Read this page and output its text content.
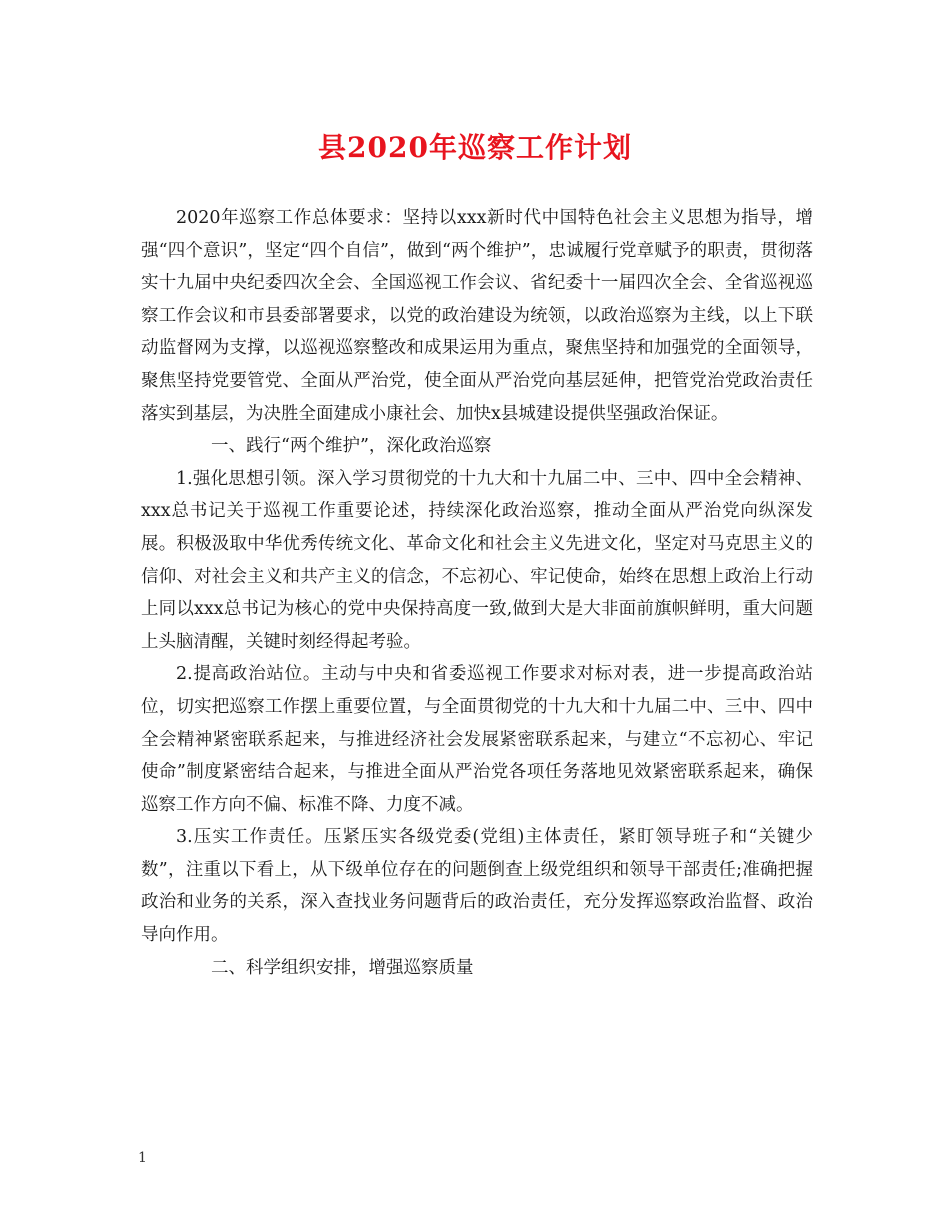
县2020年巡察工作计划

2020年巡察工作总体要求：坚持以xxx新时代中国特色社会主义思想为指导，增强“四个意识”，坚定“四个自信”，做到“两个维护”，忠诚履行党章赋予的职责，贯彻落实十九届中央纪委四次全会、全国巡视工作会议、省纪委十一届四次全会、全省巡视巡察工作会议和市县委部署要求，以党的政治建设为统领，以政治巡察为主线，以上下联动监督网为支撑，以巡视巡察整改和成果运用为重点，聚焦坚持和加强党的全面领导，聚焦坚持党要管党、全面从严治党，使全面从严治党向基层延伸，把管党治党政治责任落实到基层，为决胜全面建成小康社会、加快x县城建设提供坚强政治保证。

一、践行“两个维护”，深化政治巡察

1.强化思想引领。深入学习贯彻党的十九大和十九届二中、三中、四中全会精神、xxx总书记关于巡视工作重要论述，持续深化政治巡察，推动全面从严治党向纵深发展。积极汲取中华优秀传统文化、革命文化和社会主义先进文化，坚定对马克思主义的信仰、对社会主义和共产主义的信念，不忘初心、牢记使命，始终在思想上政治上行动上同以xxx总书记为核心的党中央保持高度一致,做到大是大非面前旗帜鲜明，重大问题上头脑清醒，关键时刻经得起考验。

2.提高政治站位。主动与中央和省委巡视工作要求对标对表，进一步提高政治站位，切实把巡察工作摆上重要位置，与全面贯彻党的十九大和十九届二中、三中、四中全会精神紧密联系起来，与推进经济社会发展紧密联系起来，与建立“不忘初心、牢记使命”制度紧密结合起来，与推进全面从严治党各项任务落地见效紧密联系起来，确保巡察工作方向不偏、标准不降、力度不减。

3.压实工作责任。压紧压实各级党委(党组)主体责任，紧盯领导班子和“关键少数”，注重以下看上，从下级单位存在的问题倒查上级党组织和领导干部责任;准确把握政治和业务的关系，深入查找业务问题背后的政治责任，充分发挥巡察政治监督、政治导向作用。

二、科学组织安排，增强巡察质量

1
